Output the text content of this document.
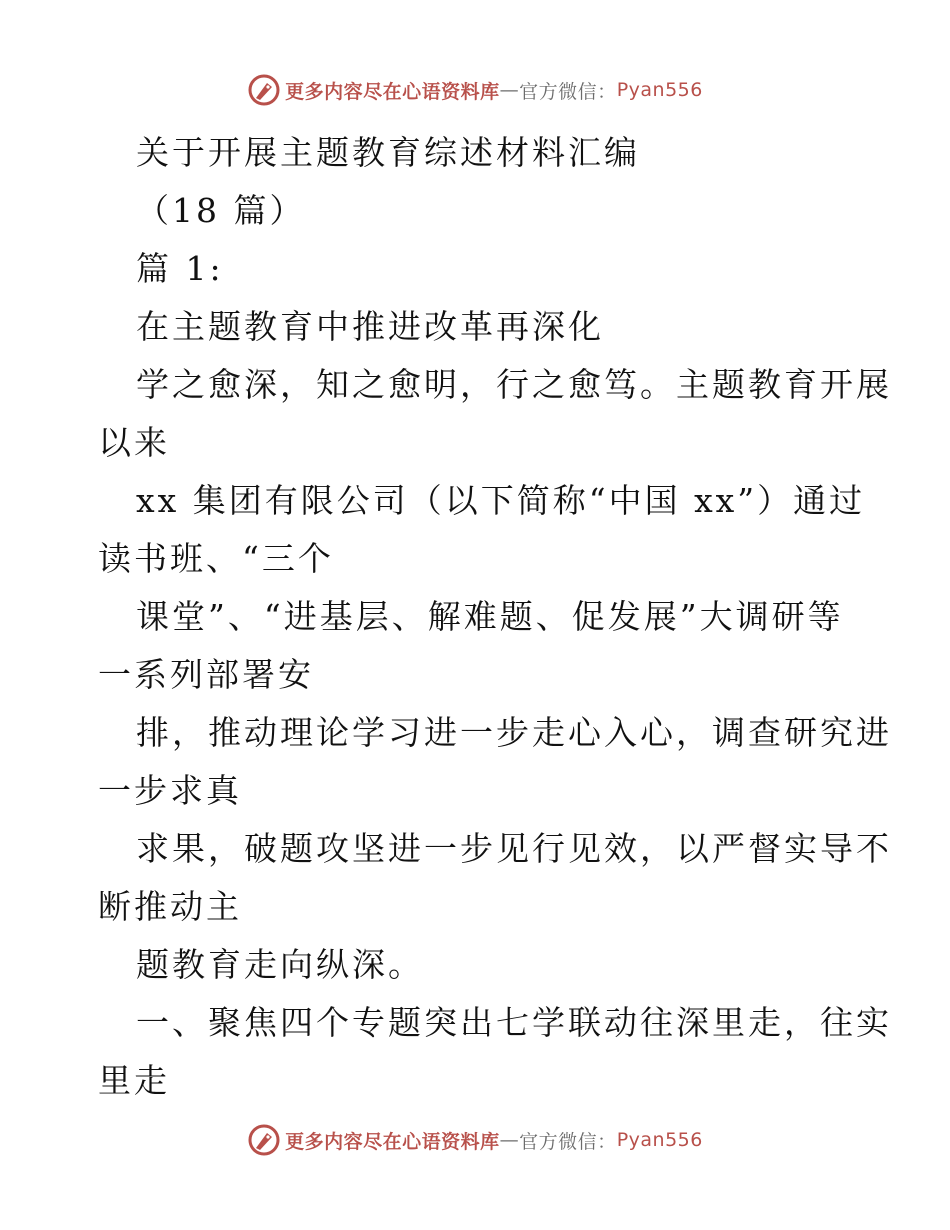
更多内容尽在心语资料库 — 官方微信： Pyan556
关于开展主题教育综述材料汇编
（18 篇）
篇 1:
在主题教育中推进改革再深化
学之愈深，知之愈明，行之愈笃。主题教育开展
以来
xx 集团有限公司（以下简称“中国 xx”）通过
读书班、“三个
课堂”、“进基层、解难题、促发展”大调研等
一系列部署安
排，推动理论学习进一步走心入心，调查研究进
一步求真
求果，破题攻坚进一步见行见效，以严督实导不
断推动主
题教育走向纵深。
一、聚焦四个专题突出七学联动往深里走，往实
里走
更多内容尽在心语资料库 — 官方微信： Pyan556
